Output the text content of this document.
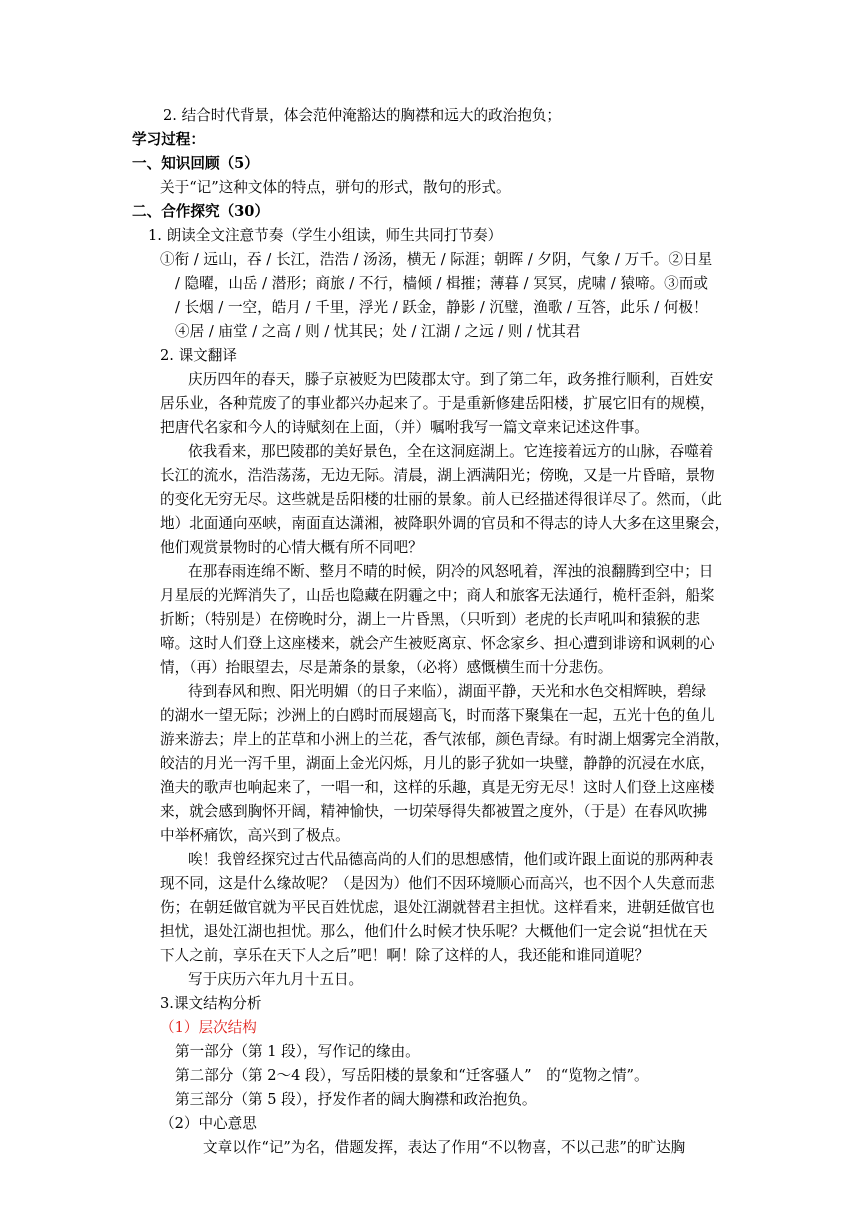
2. 结合时代背景，体会范仲淹豁达的胸襟和远大的政治抱负；
学习过程：
一、知识回顾（5）
关于“记”这种文体的特点，骈句的形式，散句的形式。
二、合作探究（30）
1. 朗读全文注意节奏（学生小组读，师生共同打节奏）
①衔 / 远山，吞 / 长江，浩浩 / 汤汤，横无 / 际涯；朝晖 / 夕阴，气象 / 万千。②日星
/ 隐曜，山岳 / 潜形；商旅 / 不行，樯倾 / 楫摧；薄暮 / 冥冥，虎啸 / 猿啼。③而或
/ 长烟 / 一空，皓月 / 千里，浮光 / 跃金，静影 / 沉璧，渔歌 / 互答，此乐 / 何极！
④居 / 庙堂 / 之高 / 则 / 忧其民；处 / 江湖 / 之远 / 则 / 忧其君
2. 课文翻译
庆历四年的春天，滕子京被贬为巴陵郡太守。到了第二年，政务推行顺利，百姓安
居乐业，各种荒废了的事业都兴办起来了。于是重新修建岳阳楼，扩展它旧有的规模，
把唐代名家和今人的诗赋刻在上面，（并）嘱咐我写一篇文章来记述这件事。
依我看来，那巴陵郡的美好景色，全在这洞庭湖上。它连接着远方的山脉，吞噬着
长江的流水，浩浩荡荡，无边无际。清晨，湖上洒满阳光；傍晚，又是一片昏暗，景物
的变化无穷无尽。这些就是岳阳楼的壮丽的景象。前人已经描述得很详尽了。然而，（此
地）北面通向巫峡，南面直达潇湘，被降职外调的官员和不得志的诗人大多在这里聚会，
他们观赏景物时的心情大概有所不同吧？
在那春雨连绵不断、整月不晴的时候，阴冷的风怒吼着，浑浊的浪翻腾到空中；日
月星辰的光辉消失了，山岳也隐藏在阴霾之中；商人和旅客无法通行，桅杆歪斜，船桨
折断；（特别是）在傍晚时分，湖上一片昏黑，（只听到）老虎的长声吼叫和猿猴的悲
啼。这时人们登上这座楼来，就会产生被贬离京、怀念家乡、担心遭到诽谤和讽刺的心
情，（再）抬眼望去，尽是萧条的景象，（必将）感慨横生而十分悲伤。
待到春风和煦、阳光明媚（的日子来临），湖面平静，天光和水色交相辉映，碧绿
的湖水一望无际；沙洲上的白鸥时而展翅高飞，时而落下聚集在一起，五光十色的鱼儿
游来游去；岸上的芷草和小洲上的兰花，香气浓郁，颜色青绿。有时湖上烟雾完全消散，
皎洁的月光一泻千里，湖面上金光闪烁，月儿的影子犹如一块璧，静静的沉浸在水底，
渔夫的歌声也响起来了，一唱一和，这样的乐趣，真是无穷无尽！这时人们登上这座楼
来，就会感到胸怀开阔，精神愉快，一切荣辱得失都被置之度外，（于是）在春风吹拂
中举杯痛饮，高兴到了极点。
唉！我曾经探究过古代品德高尚的人们的思想感情，他们或许跟上面说的那两种表
现不同，这是什么缘故呢？（是因为）他们不因环境顺心而高兴，也不因个人失意而悲
伤；在朝廷做官就为平民百姓忧虑，退处江湖就替君主担忧。这样看来，进朝廷做官也
担忧，退处江湖也担忧。那么，他们什么时候才快乐呢？大概他们一定会说“担忧在天
下人之前，享乐在天下人之后”吧！啊！除了这样的人，我还能和谁同道呢？
写于庆历六年九月十五日。
3.课文结构分析
（1）层次结构
第一部分（第 1 段），写作记的缘由。
第二部分（第 2～4 段），写岳阳楼的景象和“迁客骚人”　的“览物之情”。
第三部分（第 5 段），抒发作者的阔大胸襟和政治抱负。
（2）中心意思
文章以作“记”为名，借题发挥，表达了作用“不以物喜，不以己悲”的旷达胸
